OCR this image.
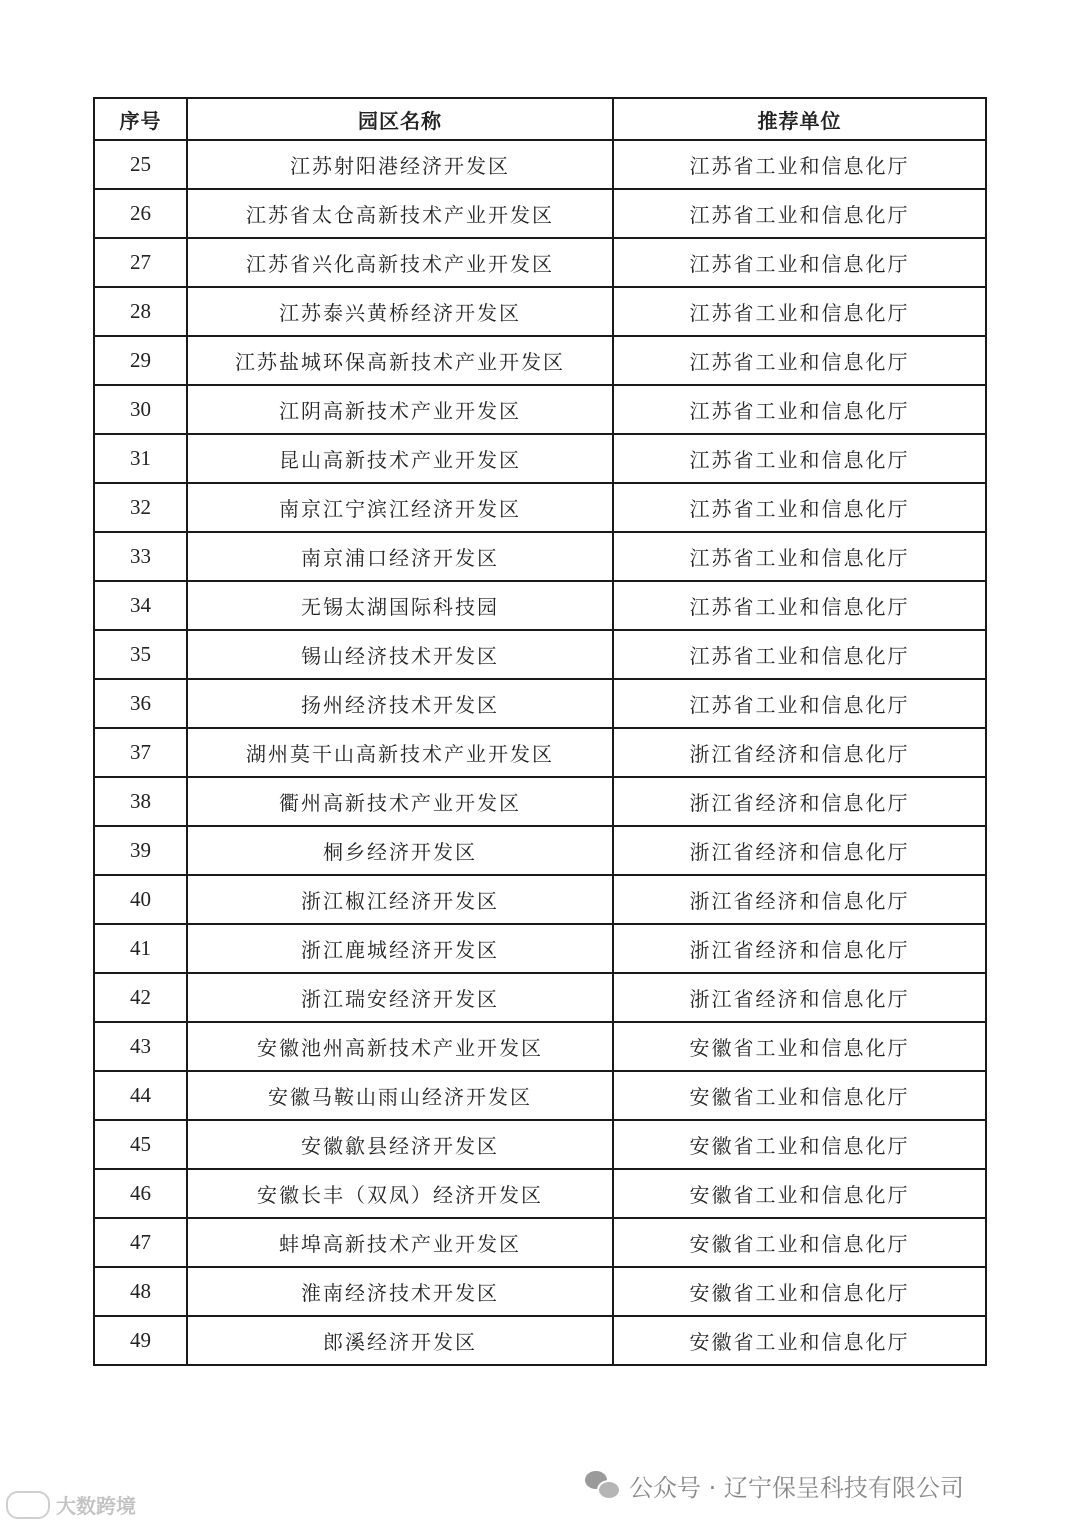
序号	园区名称	推荐单位
25	江苏射阳港经济开发区	江苏省工业和信息化厅
26	江苏省太仓高新技术产业开发区	江苏省工业和信息化厅
27	江苏省兴化高新技术产业开发区	江苏省工业和信息化厅
28	江苏泰兴黄桥经济开发区	江苏省工业和信息化厅
29	江苏盐城环保高新技术产业开发区	江苏省工业和信息化厅
30	江阴高新技术产业开发区	江苏省工业和信息化厅
31	昆山高新技术产业开发区	江苏省工业和信息化厅
32	南京江宁滨江经济开发区	江苏省工业和信息化厅
33	南京浦口经济开发区	江苏省工业和信息化厅
34	无锡太湖国际科技园	江苏省工业和信息化厅
35	锡山经济技术开发区	江苏省工业和信息化厅
36	扬州经济技术开发区	江苏省工业和信息化厅
37	湖州莫干山高新技术产业开发区	浙江省经济和信息化厅
38	衢州高新技术产业开发区	浙江省经济和信息化厅
39	桐乡经济开发区	浙江省经济和信息化厅
40	浙江椒江经济开发区	浙江省经济和信息化厅
41	浙江鹿城经济开发区	浙江省经济和信息化厅
42	浙江瑞安经济开发区	浙江省经济和信息化厅
43	安徽池州高新技术产业开发区	安徽省工业和信息化厅
44	安徽马鞍山雨山经济开发区	安徽省工业和信息化厅
45	安徽歙县经济开发区	安徽省工业和信息化厅
46	安徽长丰（双凤）经济开发区	安徽省工业和信息化厅
47	蚌埠高新技术产业开发区	安徽省工业和信息化厅
48	淮南经济技术开发区	安徽省工业和信息化厅
49	郎溪经济开发区	安徽省工业和信息化厅
公众号 · 辽宁保呈科技有限公司
大数跨境
